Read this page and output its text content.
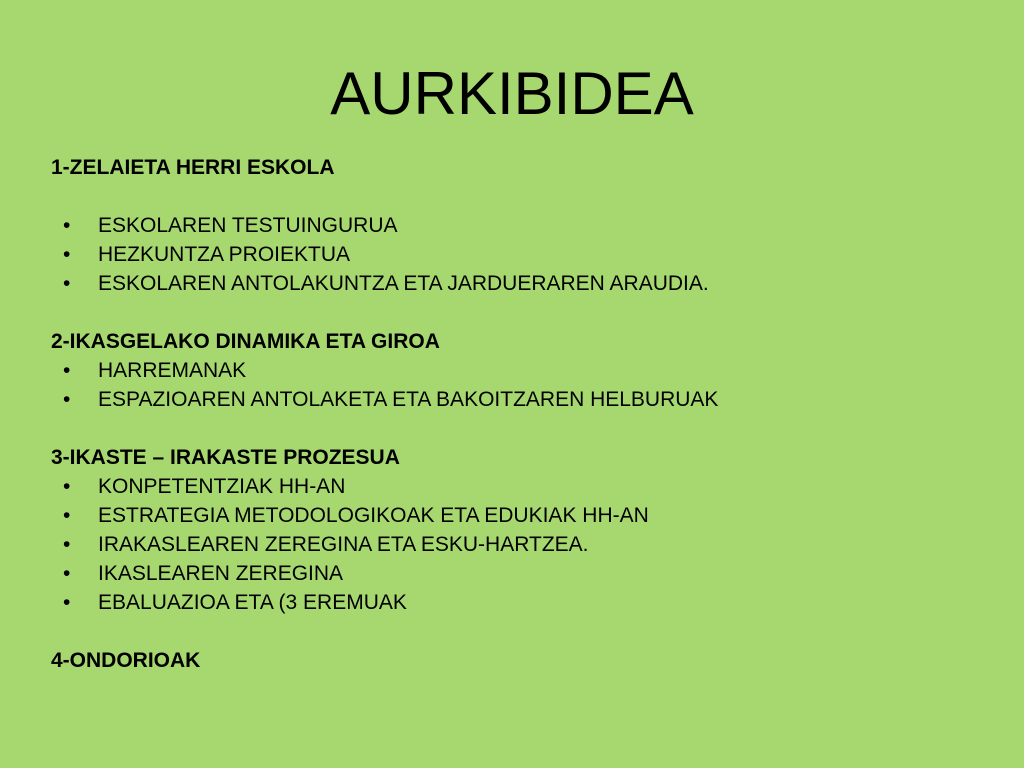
AURKIBIDEA

1-ZELAIETA HERRI ESKOLA

• ESKOLAREN TESTUINGURUA
• HEZKUNTZA PROIEKTUA
• ESKOLAREN ANTOLAKUNTZA ETA JARDUERAREN ARAUDIA.

2-IKASGELAKO DINAMIKA ETA GIROA

• HARREMANAK
• ESPAZIOAREN ANTOLAKETA ETA BAKOITZAREN HELBURUAK

3-IKASTE – IRAKASTE PROZESUA

• KONPETENTZIAK HH-AN
• ESTRATEGIA METODOLOGIKOAK ETA EDUKIAK HH-AN
• IRAKASLEAREN ZEREGINA ETA ESKU-HARTZEA.
• IKASLEAREN ZEREGINA
• EBALUAZIOA ETA (3 EREMUAK

4-ONDORIOAK
